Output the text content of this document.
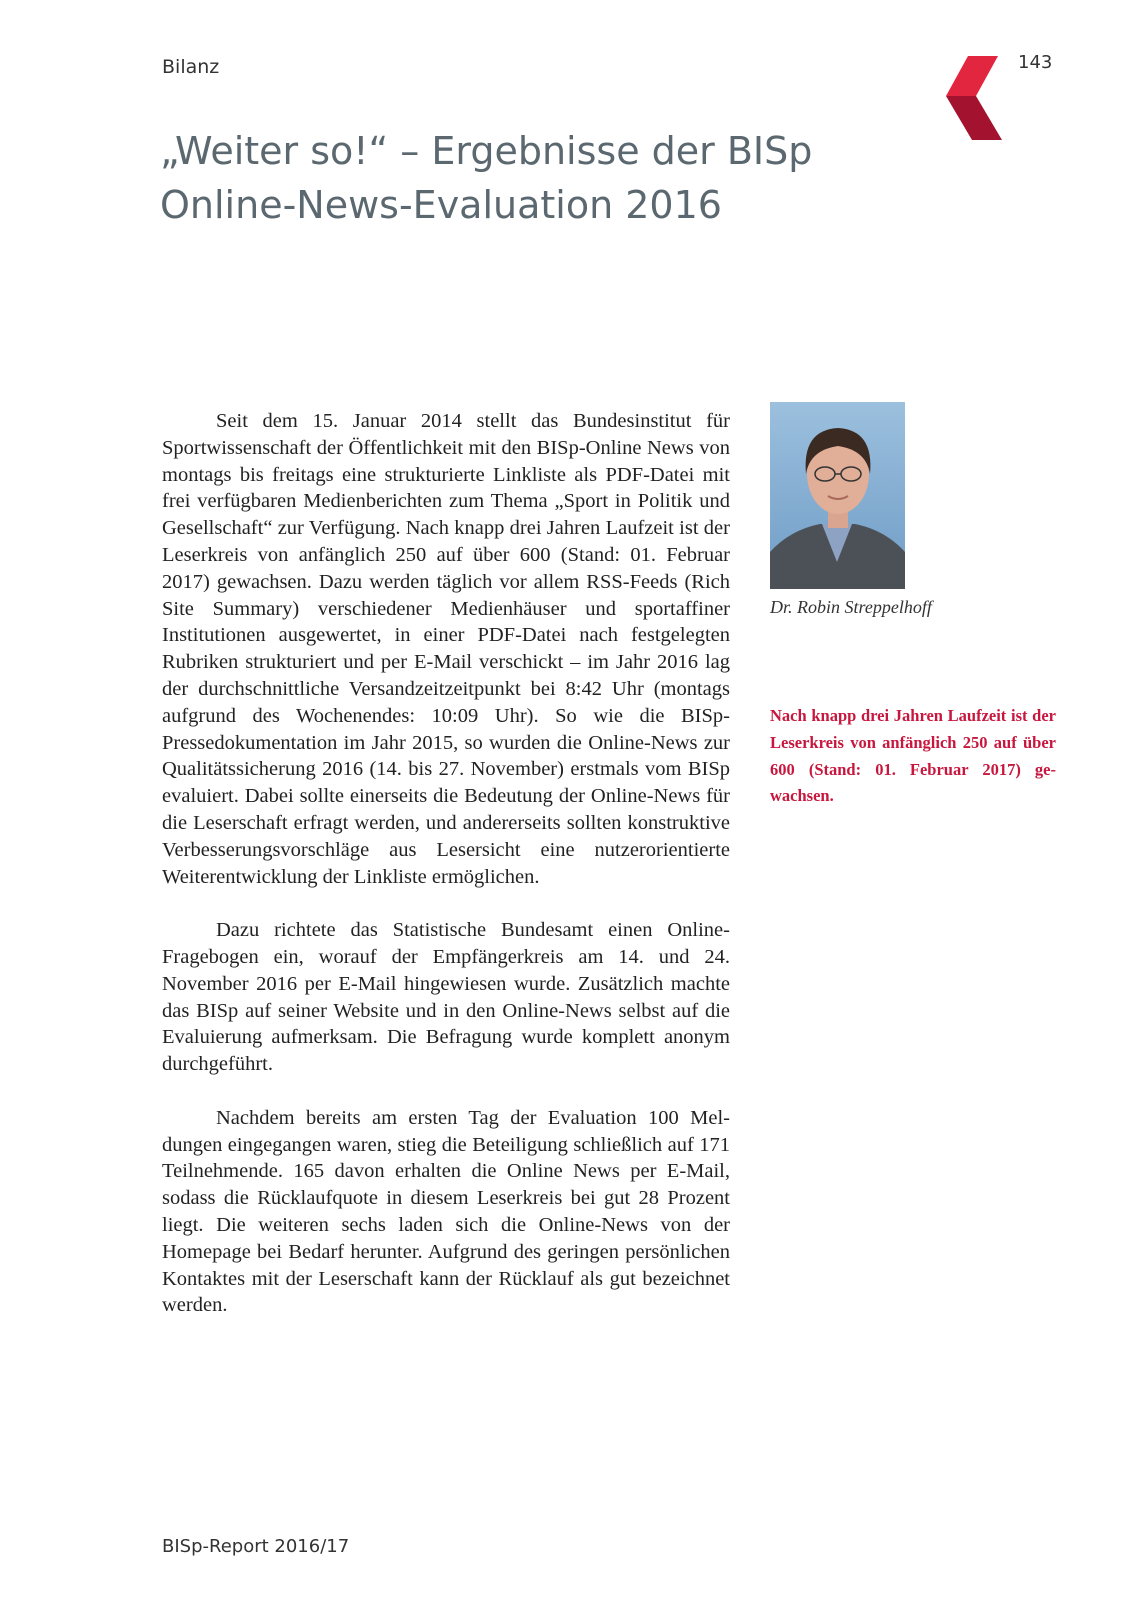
Bilanz	143
„Weiter so!“ – Ergebnisse der BISp Online-News-Evaluation 2016

Seit dem 15. Januar 2014 stellt das Bundesinstitut für Sportwissenschaft der Öffentlichkeit mit den BISp-Online News von montags bis freitags eine strukturierte Linkliste als PDF-Datei mit frei verfügbaren Medienberichten zum Thema „Sport in Politik und Gesellschaft“ zur Verfügung. Nach knapp drei Jahren Laufzeit ist der Leserkreis von anfänglich 250 auf über 600 (Stand: 01. Februar 2017) gewachsen. Dazu werden täglich vor allem RSS-Feeds (Rich Site Summary) verschiedener Medienhäuser und sportaffiner Institutionen ausgewertet, in einer PDF-Datei nach festgelegten Rubriken strukturiert und per E-Mail verschickt – im Jahr 2016 lag der durchschnittliche Versandzeitzeitpunkt bei 8:42 Uhr (montags aufgrund des Wochenendes: 10:09 Uhr). So wie die BISp-Pressedokumentation im Jahr 2015, so wurden die Online-News zur Qualitätssicherung 2016 (14. bis 27. November) erstmals vom BISp evaluiert. Dabei sollte einerseits die Bedeutung der Online-News für die Leserschaft erfragt werden, und andererseits sollten konstruktive Verbesserungsvorschläge aus Lesersicht eine nutzerorientierte Weiterentwicklung der Linkliste ermöglichen.

Dazu richtete das Statistische Bundesamt einen Online-Fragebogen ein, worauf der Empfängerkreis am 14. und 24. November 2016 per E-Mail hingewiesen wurde. Zusätzlich machte das BISp auf seiner Website und in den Online-News selbst auf die Evaluierung aufmerksam. Die Befragung wurde komplett anonym durchgeführt.

Nachdem bereits am ersten Tag der Evaluation 100 Meldungen eingegangen waren, stieg die Beteiligung schließlich auf 171 Teilnehmende. 165 davon erhalten die Online News per E-Mail, sodass die Rücklaufquote in diesem Leserkreis bei gut 28 Prozent liegt. Die weiteren sechs laden sich die Online-News von der Homepage bei Bedarf herunter. Aufgrund des geringen persönlichen Kontaktes mit der Leserschaft kann der Rücklauf als gut bezeichnet werden.

Dr. Robin Streppelhoff
Nach knapp drei Jahren Laufzeit ist der Leserkreis von anfänglich 250 auf über 600 (Stand: 01. Februar 2017) gewachsen.
BISp-Report 2016/17
